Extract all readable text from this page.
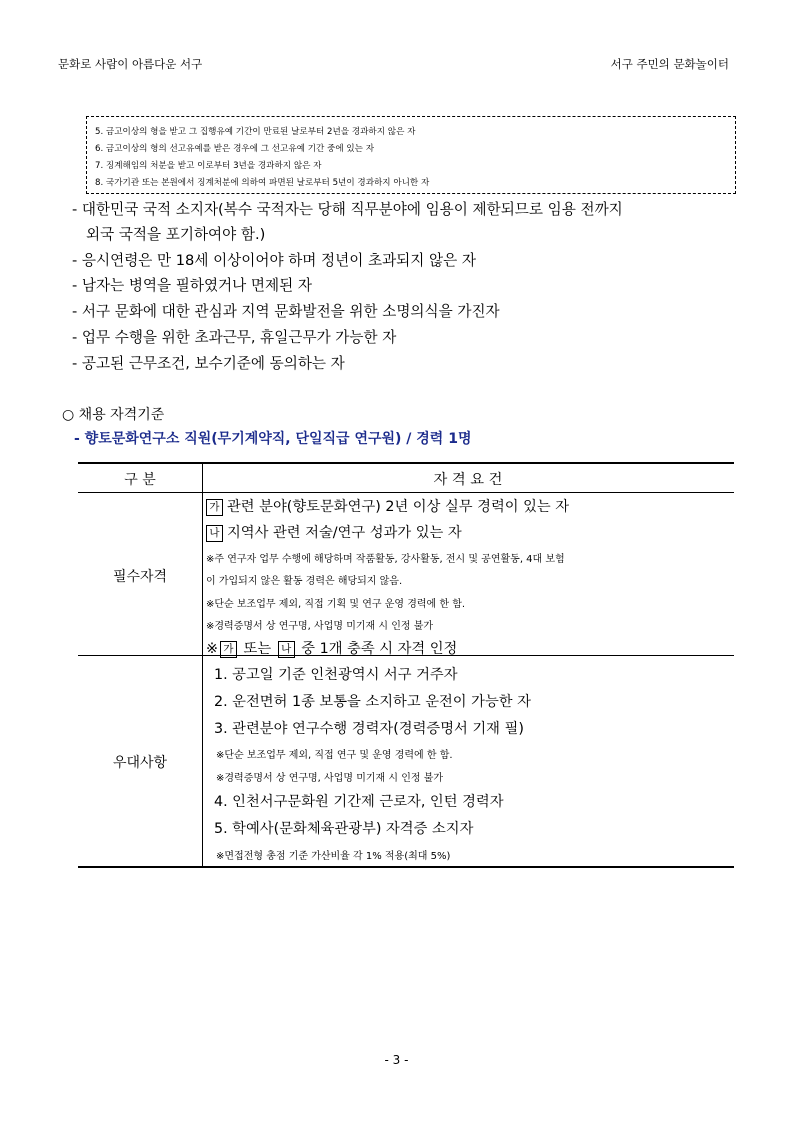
문화로 사람이 아름다운 서구	서구 주민의 문화놀이터
5. 금고이상의 형을 받고 그 집행유예 기간이 만료된 날로부터 2년을 경과하지 않은 자
6. 금고이상의 형의 선고유예를 받은 경우에 그 선고유예 기간 중에 있는 자
7. 징계해임의 처분을 받고 이로부터 3년을 경과하지 않은 자
8. 국가기관 또는 본원에서 징계처분에 의하여 파면된 날로부터 5년이 경과하지 아니한 자
- 대한민국 국적 소지자(복수 국적자는 당해 직무분야에 임용이 제한되므로 임용 전까지
외국 국적을 포기하여야 함.)
- 응시연령은 만 18세 이상이어야 하며 정년이 초과되지 않은 자
- 남자는 병역을 필하였거나 면제된 자
- 서구 문화에 대한 관심과 지역 문화발전을 위한 소명의식을 가진자
- 업무 수행을 위한 초과근무, 휴일근무가 가능한 자
- 공고된 근무조건, 보수기준에 동의하는 자
○ 채용 자격기준
- 향토문화연구소 직원(무기계약직, 단일직급 연구원) / 경력 1명
구 분	자 격 요 건
필수자격
가 관련 분야(향토문화연구) 2년 이상 실무 경력이 있는 자
나 지역사 관련 저술/연구 성과가 있는 자
※주 연구자 업무 수행에 해당하며 작품활동, 강사활동, 전시 및 공연활동, 4대 보험
이 가입되지 않은 활동 경력은 해당되지 않음.
※단순 보조업무 제외, 직접 기획 및 연구 운영 경력에 한 함.
※경력증명서 상 연구명, 사업명 미기재 시 인정 불가
※ 가 또는 나 중 1개 충족 시 자격 인정
우대사항
1. 공고일 기준 인천광역시 서구 거주자
2. 운전면허 1종 보통을 소지하고 운전이 가능한 자
3. 관련분야 연구수행 경력자(경력증명서 기재 필)
※단순 보조업무 제외, 직접 연구 및 운영 경력에 한 함.
※경력증명서 상 연구명, 사업명 미기재 시 인정 불가
4. 인천서구문화원 기간제 근로자, 인턴 경력자
5. 학예사(문화체육관광부) 자격증 소지자
※면접전형 총점 기준 가산비율 각 1% 적용(최대 5%)
- 3 -
